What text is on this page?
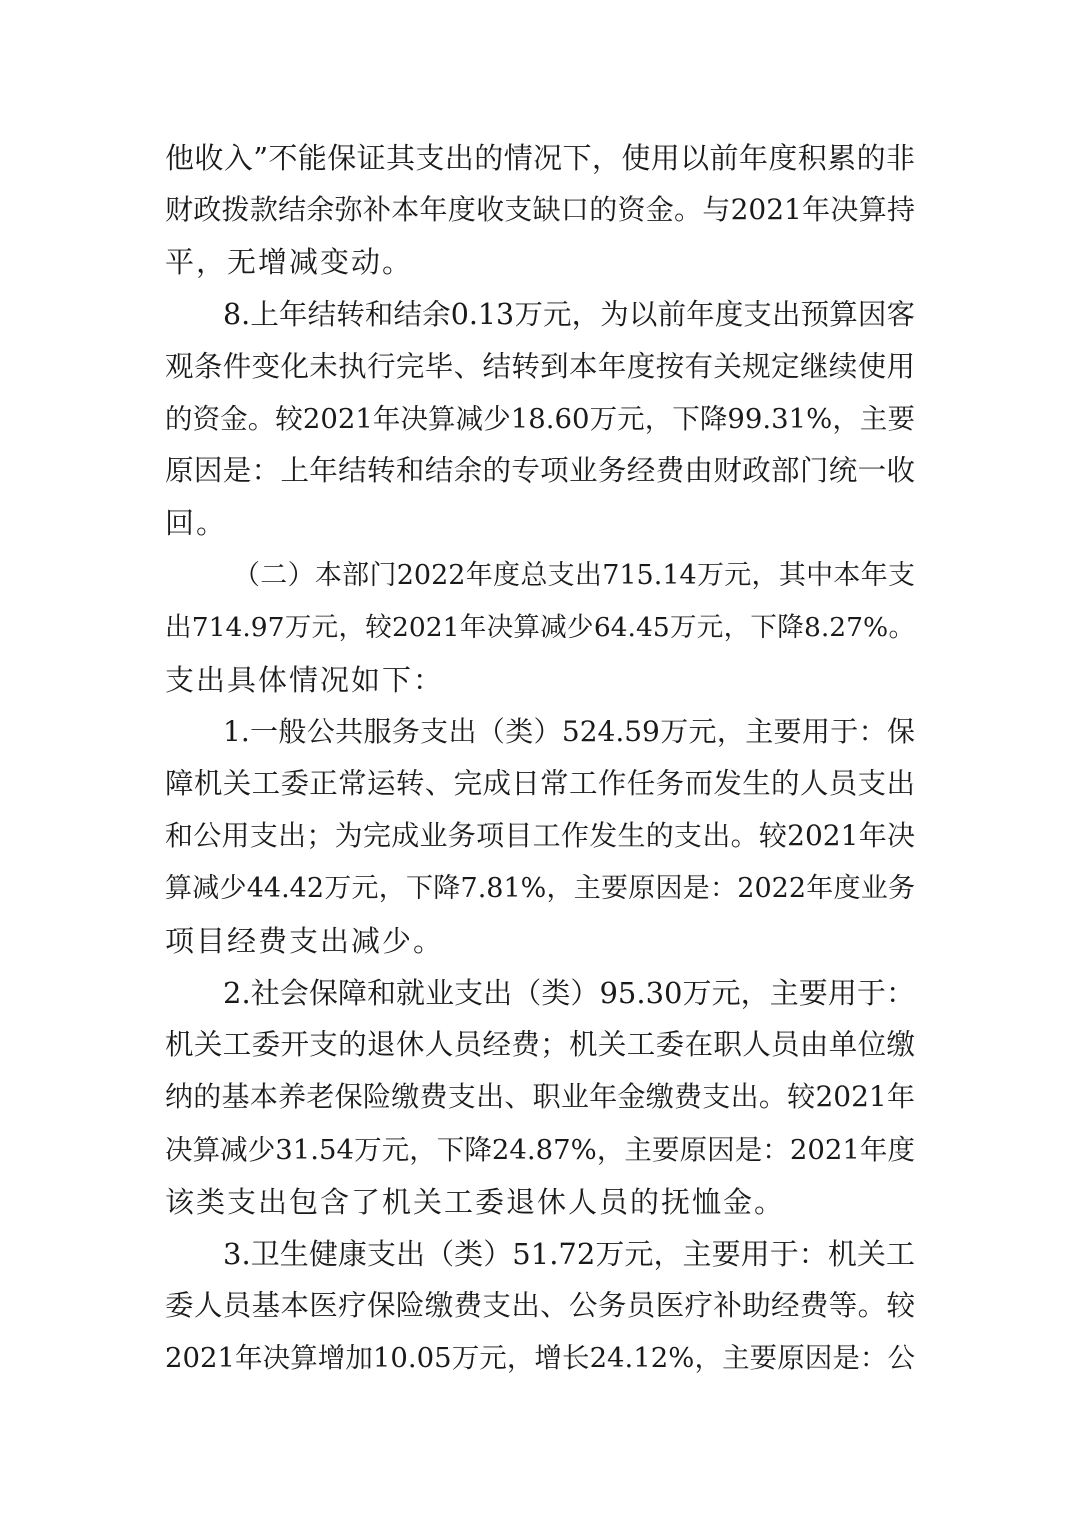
他收入”不能保证其支出的情况下，使用以前年度积累的非
财政拨款结余弥补本年度收支缺口的资金。与2021年决算持
平，无增减变动。
8.上年结转和结余0.13万元，为以前年度支出预算因客
观条件变化未执行完毕、结转到本年度按有关规定继续使用
的资金。较2021年决算减少18.60万元，下降99.31%，主要
原因是：上年结转和结余的专项业务经费由财政部门统一收
回。
（二）本部门2022年度总支出715.14万元，其中本年支
出714.97万元，较2021年决算减少64.45万元，下降8.27%。
支出具体情况如下：
1.一般公共服务支出（类）524.59万元，主要用于：保
障机关工委正常运转、完成日常工作任务而发生的人员支出
和公用支出；为完成业务项目工作发生的支出。较2021年决
算减少44.42万元，下降7.81%，主要原因是：2022年度业务
项目经费支出减少。
2.社会保障和就业支出（类）95.30万元，主要用于：
机关工委开支的退休人员经费；机关工委在职人员由单位缴
纳的基本养老保险缴费支出、职业年金缴费支出。较2021年
决算减少31.54万元，下降24.87%，主要原因是：2021年度
该类支出包含了机关工委退休人员的抚恤金。
3.卫生健康支出（类）51.72万元，主要用于：机关工
委人员基本医疗保险缴费支出、公务员医疗补助经费等。较
2021年决算增加10.05万元，增长24.12%，主要原因是：公
